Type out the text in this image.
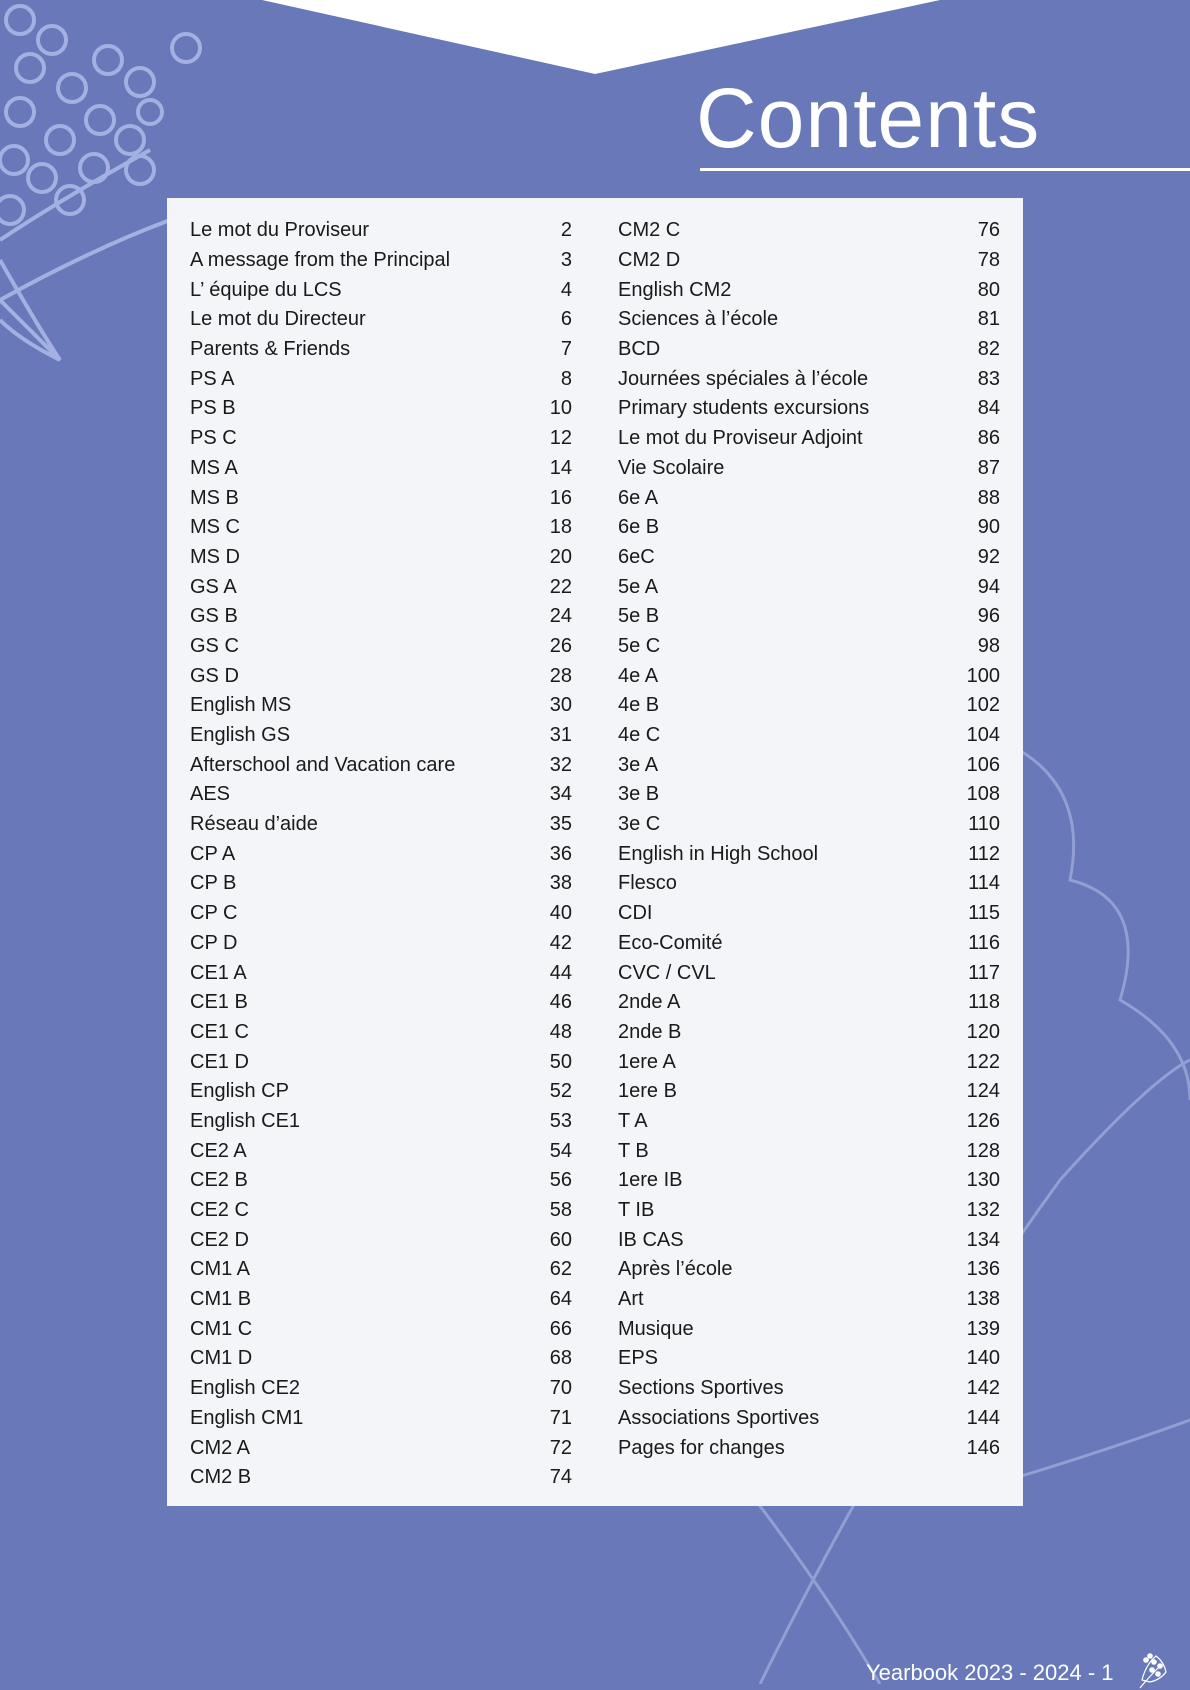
Contents
Le mot du Proviseur	2
A message from the Principal	3
L’ équipe du LCS	4
Le mot du Directeur	6
Parents & Friends	7
PS A	8
PS B	10
PS C	12
MS A	14
MS B	16
MS C	18
MS D	20
GS A	22
GS B	24
GS C	26
GS D	28
English MS	30
English GS	31
Afterschool and Vacation care	32
AES	34
Réseau d’aide	35
CP A	36
CP B	38
CP C	40
CP D	42
CE1 A	44
CE1 B	46
CE1 C	48
CE1 D	50
English CP	52
English CE1	53
CE2 A	54
CE2 B	56
CE2 C	58
CE2 D	60
CM1 A	62
CM1 B	64
CM1 C	66
CM1 D	68
English CE2	70
English CM1	71
CM2 A	72
CM2 B	74
CM2 C	76
CM2 D	78
English CM2	80
Sciences à l’école	81
BCD	82
Journées spéciales à l’école	83
Primary students excursions	84
Le mot du Proviseur Adjoint	86
Vie Scolaire	87
6e A	88
6e B	90
6eC	92
5e A	94
5e B	96
5e C	98
4e A	100
4e B	102
4e C	104
3e A	106
3e B	108
3e C	110
English in High School	112
Flesco	114
CDI	115
Eco-Comité	116
CVC / CVL	117
2nde A	118
2nde B	120
1ere A	122
1ere B	124
T A	126
T B	128
1ere IB	130
T IB	132
IB CAS	134
Après l’école	136
Art	138
Musique	139
EPS	140
Sections Sportives	142
Associations Sportives	144
Pages for changes	146
Yearbook 2023 - 2024 - 1
